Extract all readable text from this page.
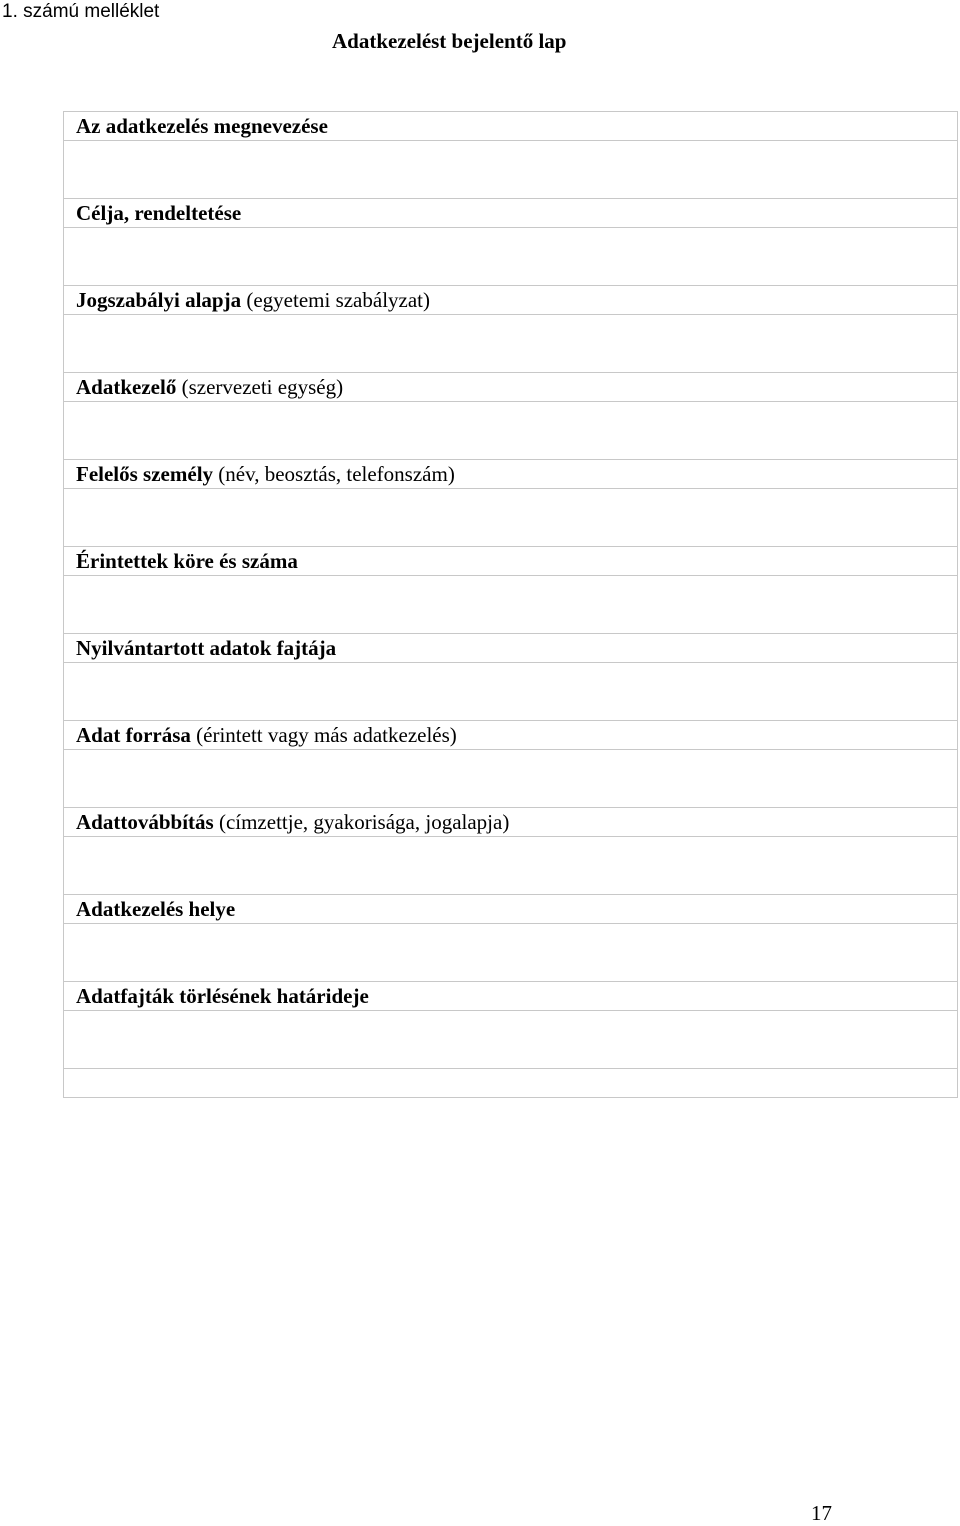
1. számú melléklet
Adatkezelést bejelentő lap
Az adatkezelés megnevezése

Célja, rendeltetése

Jogszabályi alapja (egyetemi szabályzat)

Adatkezelő (szervezeti egység)

Felelős személy (név, beosztás, telefonszám)

Érintettek köre és száma

Nyilvántartott adatok fajtája

Adat forrása (érintett vagy más adatkezelés)

Adattovábbítás (címzettje, gyakorisága, jogalapja)

Adatkezelés helye

Adatfajták törlésének határideje

17
